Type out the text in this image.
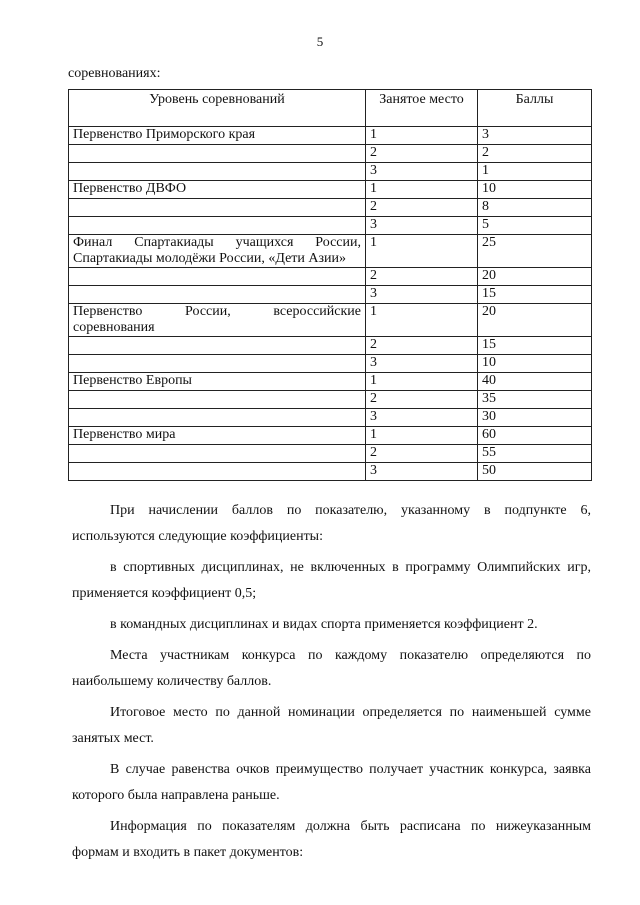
5
соревнованиях:
Уровень соревнований	Занятое место	Баллы
Первенство Приморского края	1	3
	2	2
	3	1
Первенство ДВФО	1	10
	2	8
	3	5
Финал Спартакиады учащихся России, Спартакиады молодёжи России, «Дети Азии»	1	25
	2	20
	3	15
Первенство России, всероссийские соревнования	1	20
	2	15
	3	10
Первенство Европы	1	40
	2	35
	3	30
Первенство мира	1	60
	2	55
	3	50

При начислении баллов по показателю, указанному в подпункте 6, используются следующие коэффициенты:

в спортивных дисциплинах, не включенных в программу Олимпийских игр, применяется коэффициент 0,5;

в командных дисциплинах и видах спорта применяется коэффициент 2.

Места участникам конкурса по каждому показателю определяются по наибольшему количеству баллов.

Итоговое место по данной номинации определяется по наименьшей сумме занятых мест.

В случае равенства очков преимущество получает участник конкурса, заявка которого была направлена раньше.

Информация по показателям должна быть расписана по нижеуказанным формам и входить в пакет документов:
